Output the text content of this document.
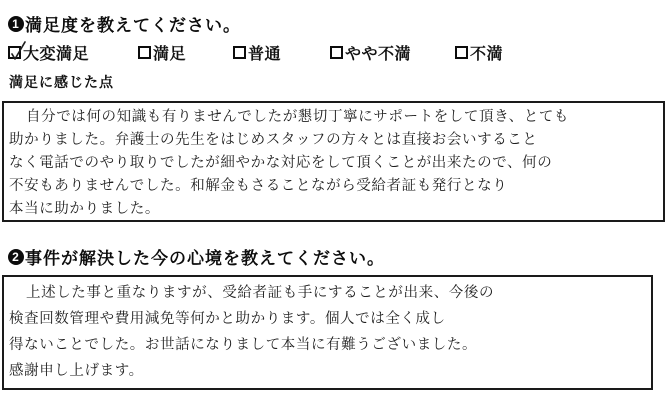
1 満足度を教えてください。
大変満足	満足	普通	やや不満	不満
満足に感じた点
自分では何の知識も有りませんでしたが懇切丁寧にサポートをして頂き、とても
助かりました。弁護士の先生をはじめスタッフの方々とは直接お会いすること
なく電話でのやり取りでしたが細やかな対応をして頂くことが出来たので、何の
不安もありませんでした。和解金もさることながら受給者証も発行となり
本当に助かりました。
2 事件が解決した今の心境を教えてください。
上述した事と重なりますが、受給者証も手にすることが出来、今後の
検査回数管理や費用減免等何かと助かります。個人では全く成し
得ないことでした。お世話になりまして本当に有難うございました。
感謝申し上げます。
